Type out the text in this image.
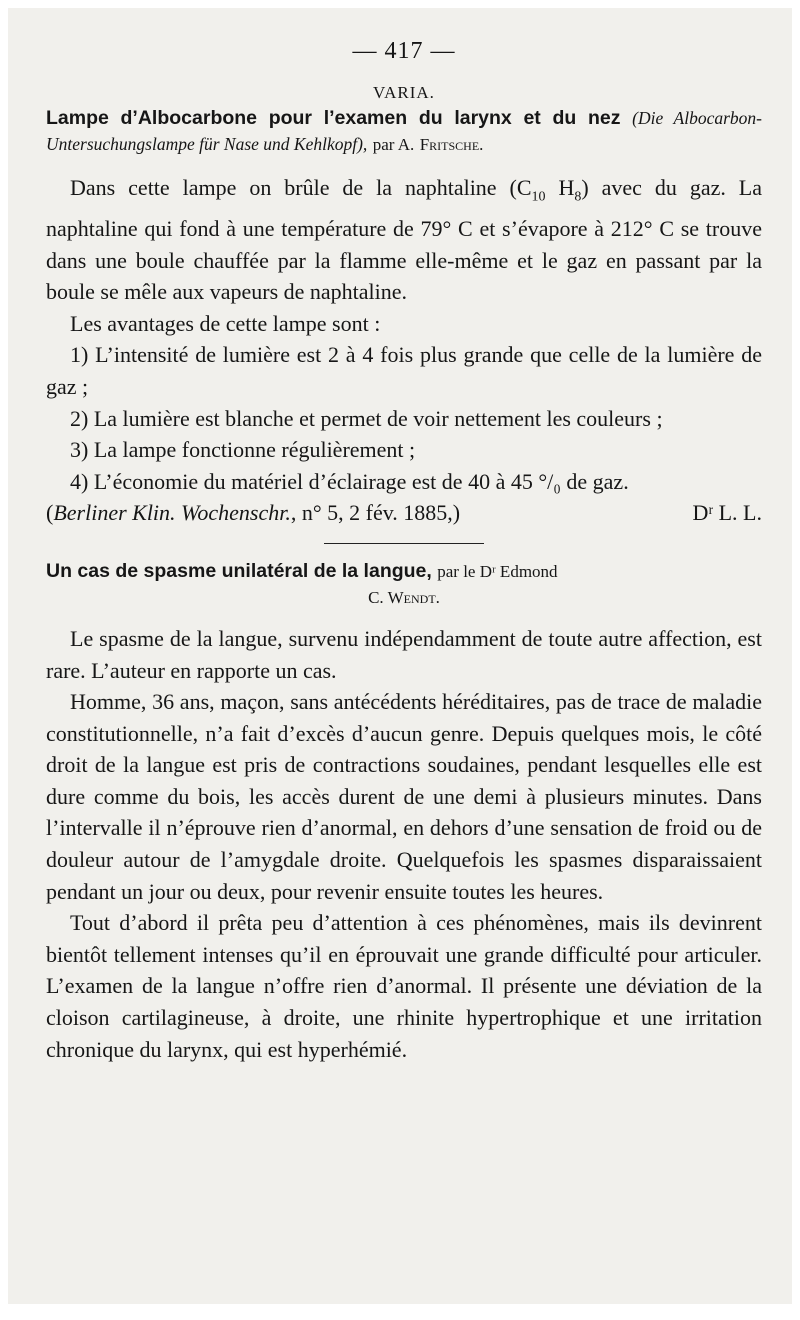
— 417 —
VARIA.
Lampe d’Albocarbone pour l’examen du larynx et du nez (Die Albocarbon-Untersuchungslampe für Nase und Kehlkopf), par A. Fritsche.

Dans cette lampe on brûle de la naphtaline ($C_{10}$ $H_8$) avec du gaz. La naphtaline qui fond à une température de 79° C et s’évapore à 212° C se trouve dans une boule chauffée par la flamme elle-même et le gaz en passant par la boule se mêle aux vapeurs de naphtaline.

Les avantages de cette lampe sont :

1) L’intensité de lumière est 2 à 4 fois plus grande que celle de la lumière de gaz ;

2) La lumière est blanche et permet de voir nettement les couleurs ;

3) La lampe fonctionne régulièrement ;

4) L’économie du matériel d’éclairage est de 40 à 45 °/₀ de gaz.

(Berliner Klin. Wochenschr., n° 5, 2 fév. 1885,)	Dʳ L. L.

Un cas de spasme unilatéral de la langue, par le Dʳ Edmond
C. Wendt.

Le spasme de la langue, survenu indépendamment de toute autre affection, est rare. L’auteur en rapporte un cas.

Homme, 36 ans, maçon, sans antécédents héréditaires, pas de trace de maladie constitutionnelle, n’a fait d’excès d’aucun genre. Depuis quelques mois, le côté droit de la langue est pris de contractions soudaines, pendant lesquelles elle est dure comme du bois, les accès durent de une demi à plusieurs minutes. Dans l’intervalle il n’éprouve rien d’anormal, en dehors d’une sensation de froid ou de douleur autour de l’amygdale droite. Quelquefois les spasmes disparaissaient pendant un jour ou deux, pour revenir ensuite toutes les heures.

Tout d’abord il prêta peu d’attention à ces phénomènes, mais ils devinrent bientôt tellement intenses qu’il en éprouvait une grande difficulté pour articuler. L’examen de la langue n’offre rien d’anormal. Il présente une déviation de la cloison cartilagineuse, à droite, une rhinite hypertrophique et une irritation chronique du larynx, qui est hyperhémié.
